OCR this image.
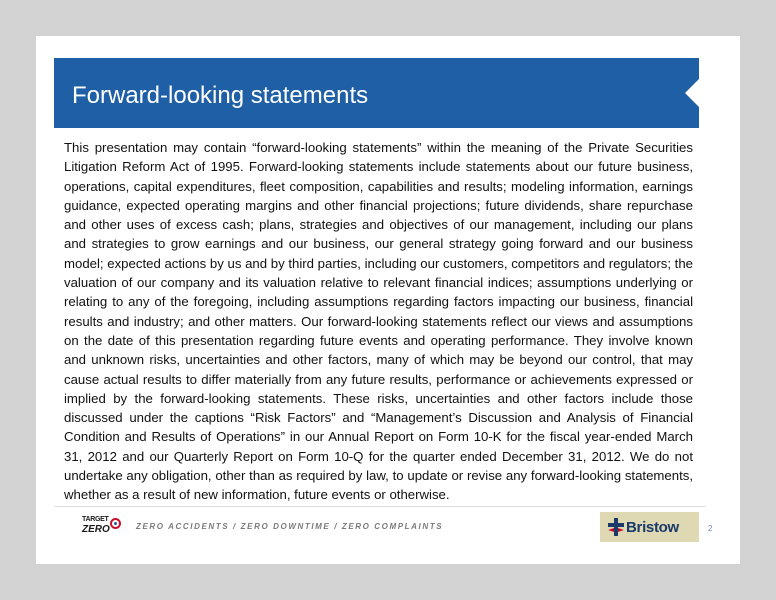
Forward-looking statements
This presentation may contain “forward-looking statements” within the meaning of the Private Securities Litigation Reform Act of 1995. Forward-looking statements include statements about our future business, operations, capital expenditures, fleet composition, capabilities and results; modeling information, earnings guidance, expected operating margins and other financial projections; future dividends, share repurchase and other uses of excess cash; plans, strategies and objectives of our management, including our plans and strategies to grow earnings and our business, our general strategy going forward and our business model; expected actions by us and by third parties, including our customers, competitors and regulators; the valuation of our company and its valuation relative to relevant financial indices; assumptions underlying or relating to any of the foregoing, including assumptions regarding factors impacting our business, financial results and industry; and other matters. Our forward-looking statements reflect our views and assumptions on the date of this presentation regarding future events and operating performance. They involve known and unknown risks, uncertainties and other factors, many of which may be beyond our control, that may cause actual results to differ materially from any future results, performance or achievements expressed or implied by the forward-looking statements. These risks, uncertainties and other factors include those discussed under the captions “Risk Factors” and “Management’s Discussion and Analysis of Financial Condition and Results of Operations” in our Annual Report on Form 10-K for the fiscal year-ended March 31, 2012 and our Quarterly Report on Form 10-Q for the quarter ended December 31, 2012. We do not undertake any obligation, other than as required by law, to update or revise any forward-looking statements, whether as a result of new information, future events or otherwise.
TARGET
ZERO	ZERO ACCIDENTS / ZERO DOWNTIME / ZERO COMPLAINTS	Bristow	2
